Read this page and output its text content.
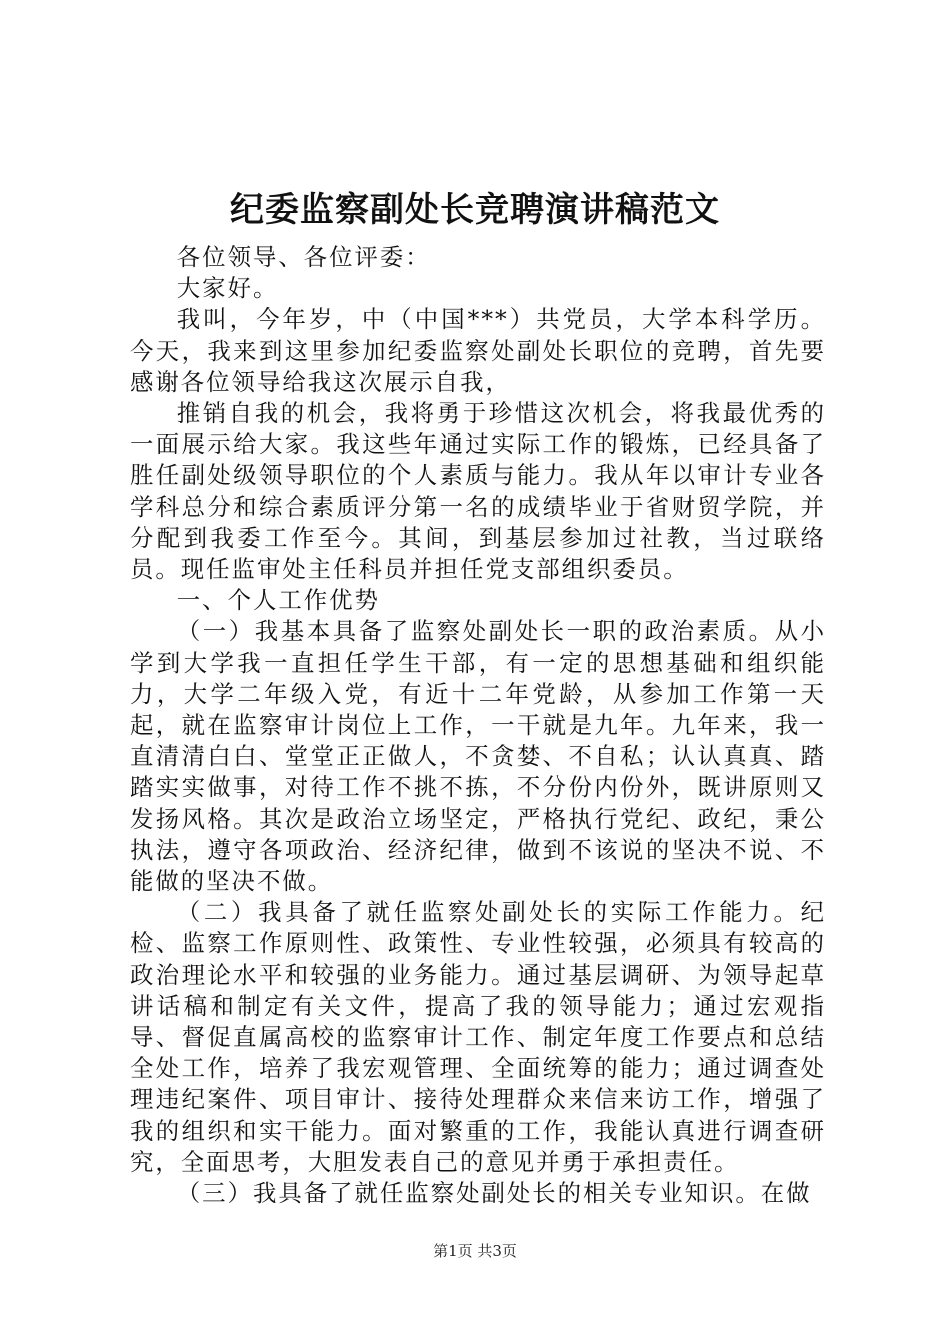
纪委监察副处长竞聘演讲稿范文

各位领导、各位评委：

大家好。

我叫，今年岁，中（中国***）共党员，大学本科学历。今天，我来到这里参加纪委监察处副处长职位的竞聘，首先要感谢各位领导给我这次展示自我，

推销自我的机会，我将勇于珍惜这次机会，将我最优秀的一面展示给大家。我这些年通过实际工作的锻炼，已经具备了胜任副处级领导职位的个人素质与能力。我从年以审计专业各学科总分和综合素质评分第一名的成绩毕业于省财贸学院，并分配到我委工作至今。其间，到基层参加过社教，当过联络员。现任监审处主任科员并担任党支部组织委员。

一、个人工作优势

（一）我基本具备了监察处副处长一职的政治素质。从小学到大学我一直担任学生干部，有一定的思想基础和组织能力，大学二年级入党，有近十二年党龄，从参加工作第一天起，就在监察审计岗位上工作，一干就是九年。九年来，我一直清清白白、堂堂正正做人，不贪婪、不自私；认认真真、踏踏实实做事，对待工作不挑不拣，不分份内份外，既讲原则又发扬风格。其次是政治立场坚定，严格执行党纪、政纪，秉公执法，遵守各项政治、经济纪律，做到不该说的坚决不说、不能做的坚决不做。

（二）我具备了就任监察处副处长的实际工作能力。纪检、监察工作原则性、政策性、专业性较强，必须具有较高的政治理论水平和较强的业务能力。通过基层调研、为领导起草讲话稿和制定有关文件，提高了我的领导能力；通过宏观指导、督促直属高校的监察审计工作、制定年度工作要点和总结全处工作，培养了我宏观管理、全面统筹的能力；通过调查处理违纪案件、项目审计、接待处理群众来信来访工作，增强了我的组织和实干能力。面对繁重的工作，我能认真进行调查研究，全面思考，大胆发表自己的意见并勇于承担责任。

（三）我具备了就任监察处副处长的相关专业知识。在做

第1页 共3页
